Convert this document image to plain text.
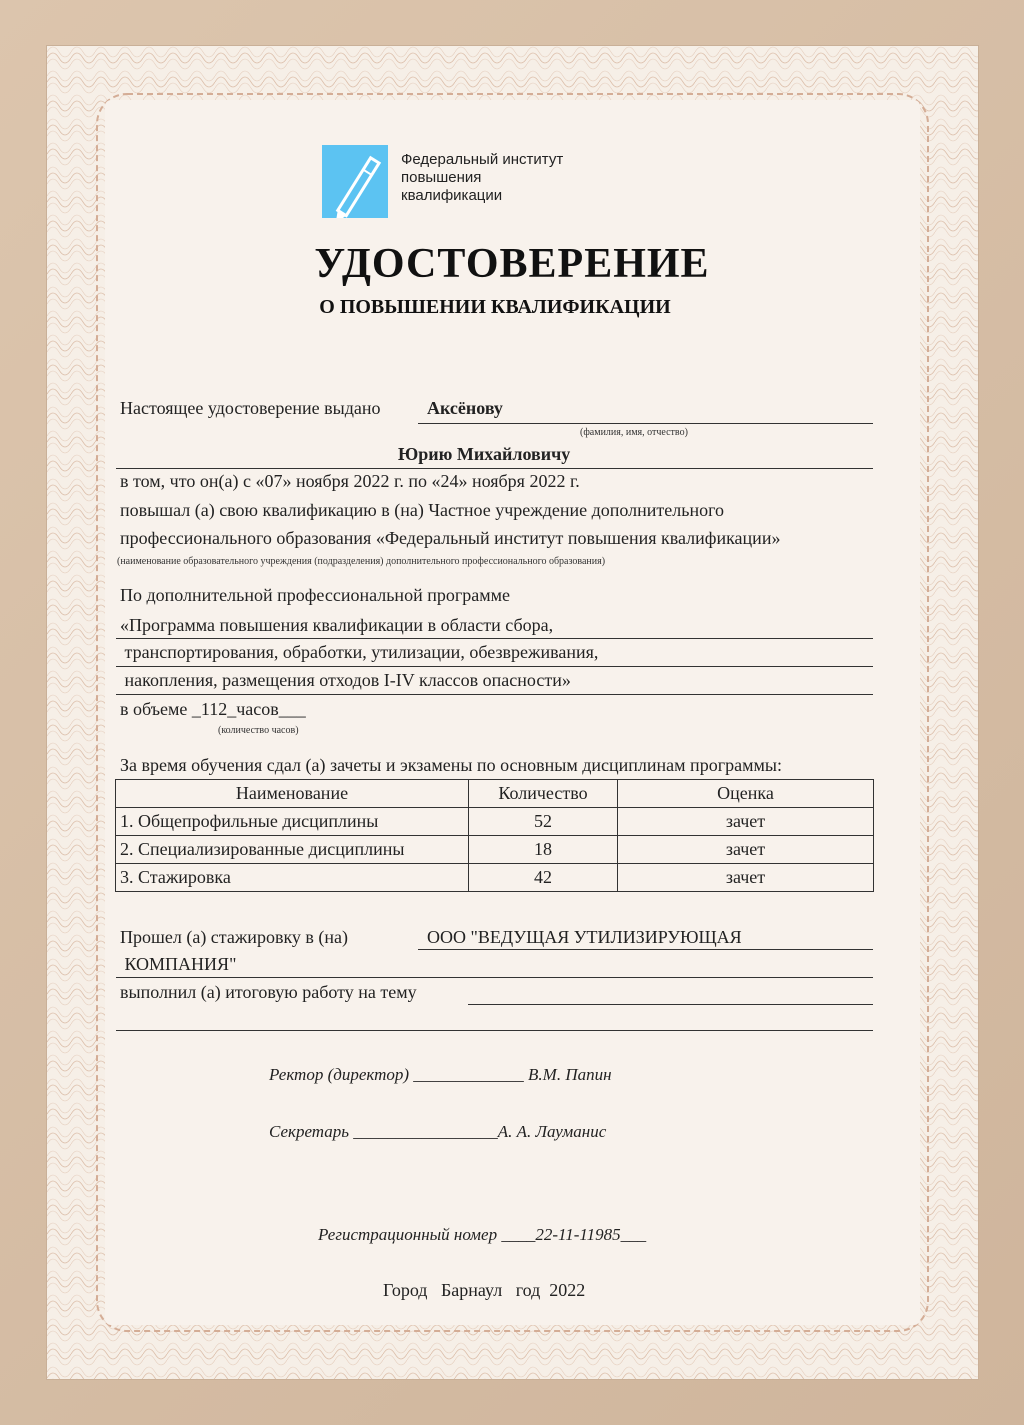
Федеральный институт
повышения
квалификации
УДОСТОВЕРЕНИЕ
О ПОВЫШЕНИИ КВАЛИФИКАЦИИ
Настоящее удостоверение выдано	Аксёнову
(фамилия, имя, отчество)
Юрию Михайловичу
в том, что он(а) с «07» ноября 2022 г. по «24» ноября 2022 г.
повышал (а) свою квалификацию в (на) Частное учреждение дополнительного
профессионального образования «Федеральный институт повышения квалификации»
(наименование образовательного учреждения (подразделения) дополнительного профессионального образования)
По дополнительной профессиональной программе
«Программа повышения квалификации в области сбора,
транспортирования, обработки, утилизации, обезвреживания,
накопления, размещения отходов I-IV классов опасности»
в объеме _112_часов___
(количество часов)
За время обучения сдал (а) зачеты и экзамены по основным дисциплинам программы:
Наименование	Количество	Оценка
1. Общепрофильные дисциплины	52	зачет
2. Специализированные дисциплины	18	зачет
3. Стажировка	42	зачет
Прошел (а) стажировку в (на)	ООО "ВЕДУЩАЯ УТИЛИЗИРУЮЩАЯ
КОМПАНИЯ"
выполнил (а) итоговую работу на тему
Ректор (директор) _____________ В.М. Папин
Секретарь _________________А. А. Лауманис
Регистрационный номер ____22-11-11985___
Город   Барнаул   год  2022
